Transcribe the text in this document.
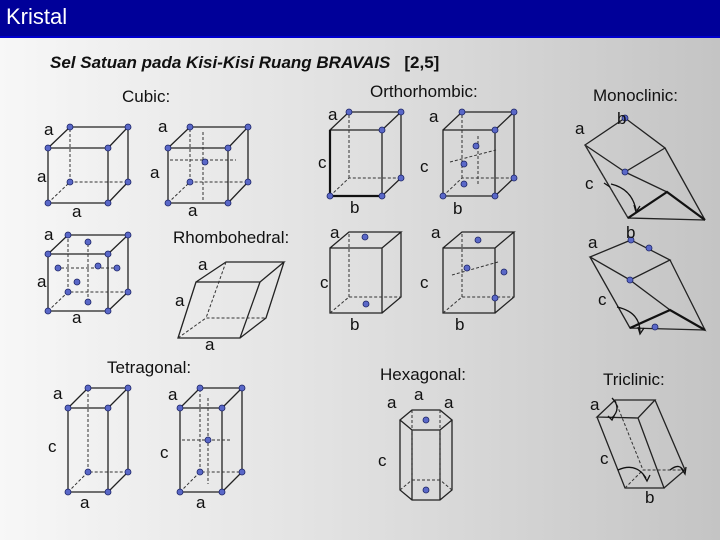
Kristal
Sel Satuan pada Kisi-Kisi Ruang BRAVAIS [2,5]
Cubic:	Orthorhombic:	Monoclinic:
Rhombohedral:
Tetragonal:	Hexagonal:	Triclinic:
a	a
a	a
a	a
a
a
a
a
a
a
a	a
c	c
b	b
a	a
c	c
b	b
a
b
c
a
b
c
a	a
c	c
a	a
a a a
c
a
c
b
